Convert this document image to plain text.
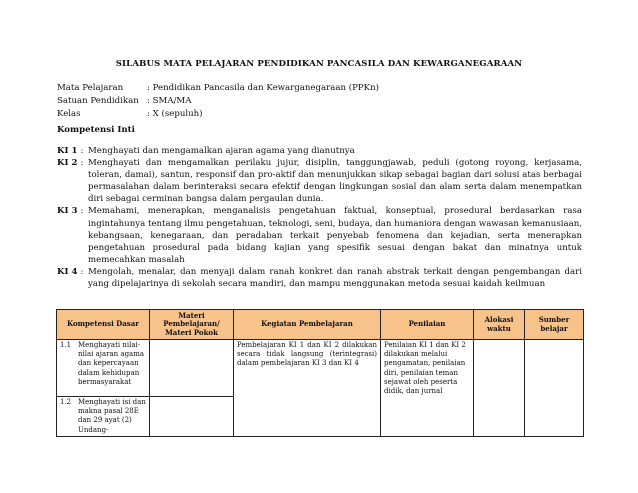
SILABUS MATA PELAJARAN PENDIDIKAN PANCASILA DAN KEWARGANEGARAAN
Mata Pelajaran	: Pendidikan Pancasila dan Kewarganegaraan (PPKn)
Satuan Pendidikan : SMA/MA
Kelas	: X (sepuluh)
Kompetensi Inti
KI 1 : Menghayati dan mengamalkan ajaran agama yang dianutnya
KI 2 : Menghayati dan mengamalkan perilaku jujur, disiplin, tanggungjawab, peduli (gotong royong, kerjasama, toleran, damai), santun, responsif dan pro-aktif dan menunjukkan sikap sebagai bagian dari solusi atas berbagai permasalahan dalam berinteraksi secara efektif dengan lingkungan sosial dan alam serta dalam menempatkan diri sebagai cerminan bangsa dalam pergaulan dunia.
KI 3 : Memahami, menerapkan, menganalisis pengetahuan faktual, konseptual, prosedural berdasarkan rasa ingintahunya tentang ilmu pengetahuan, teknologi, seni, budaya, dan humaniora dengan wawasan kemanusiaan, kebangsaan, kenegaraan, dan peradaban terkait penyebab fenomena dan kejadian, serta menerapkan pengetahuan prosedural pada bidang kajian yang spesifik sesuai dengan bakat dan minatnya untuk memecahkan masalah
KI 4 : Mengolah, menalar, dan menyaji dalam ranah konkret dan ranah abstrak terkait dengan pengembangan dari yang dipelajarinya di sekolah secara mandiri, dan mampu menggunakan metoda sesuai kaidah keilmuan
Kompetensi Dasar	Materi Pembelajaran/ Materi Pokok	Kegiatan Pembelajaran	Penilaian	Alokasi waktu	Sumber belajar

1.1 Menghayati nilai-nilai ajaran agama dan kepercayaan dalam kehidupan bermasyarakat		Pembelajaran KI 1 dan KI 2 dilakukan secara tidak langsung (terintegrasi) dalam pembelajaran KI 3 dan KI 4	Penilaian KI 1 dan KI 2 dilakukan melalui pengamatan, penilaian diri, penilaian teman sejawat oleh peserta didik, dan jurnal		

1.2 Menghayati isi dan makna pasal 28E dan 29 ayat (2) Undang-					
